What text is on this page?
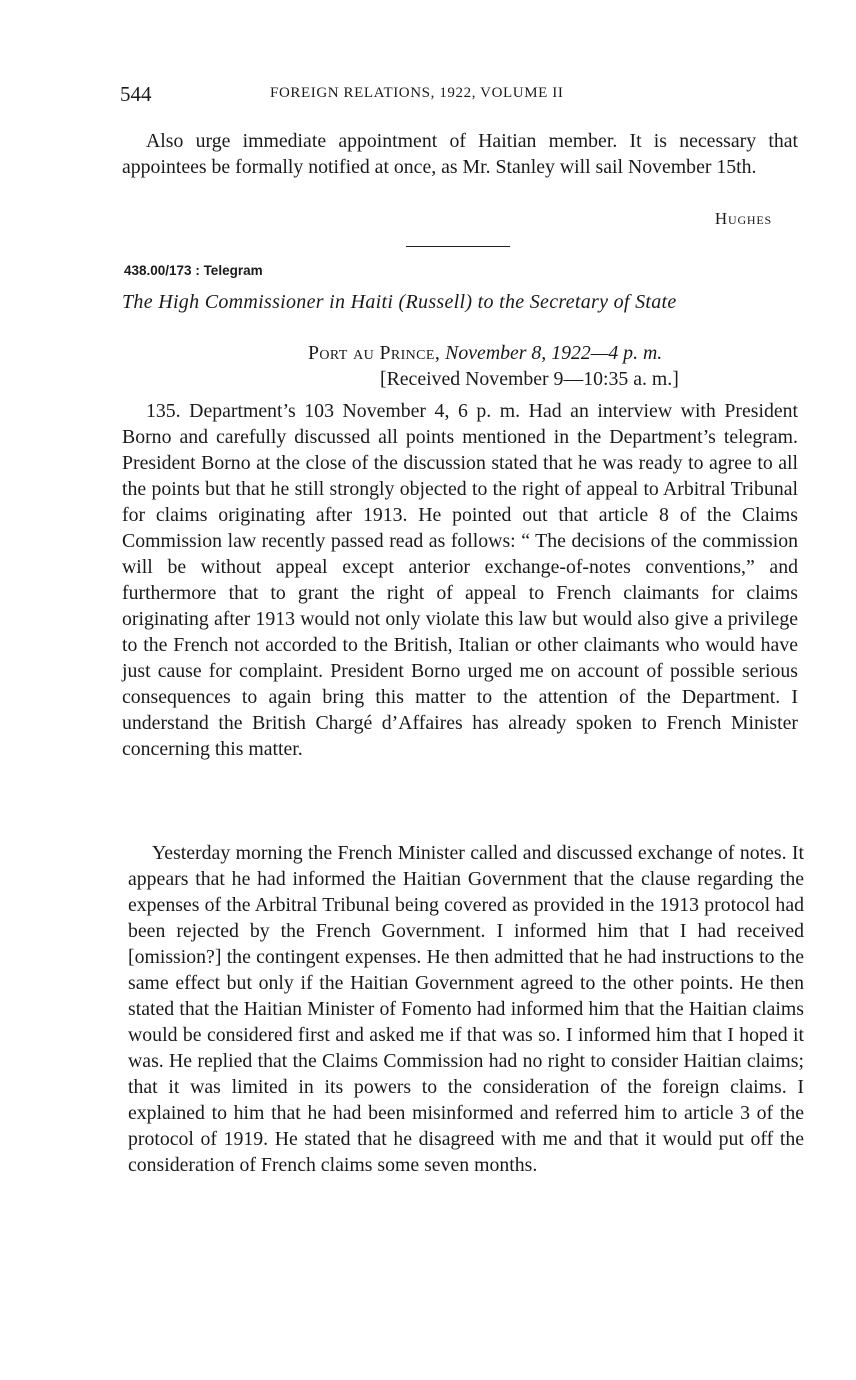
544	FOREIGN RELATIONS, 1922, VOLUME II

Also urge immediate appointment of Haitian member. It is necessary that appointees be formally notified at once, as Mr. Stanley will sail November 15th.

Hughes
438.00/173 : Telegram
The High Commissioner in Haiti (Russell) to the Secretary of State
Port au Prince, November 8, 1922—4 p. m.
[Received November 9—10:35 a. m.]

135. Department’s 103 November 4, 6 p. m. Had an interview with President Borno and carefully discussed all points mentioned in the Department’s telegram. President Borno at the close of the discussion stated that he was ready to agree to all the points but that he still strongly objected to the right of appeal to Arbitral Tribunal for claims originating after 1913. He pointed out that article 8 of the Claims Commission law recently passed read as follows: “ The decisions of the commission will be without appeal except anterior exchange-of-notes conventions,” and furthermore that to grant the right of appeal to French claimants for claims originating after 1913 would not only violate this law but would also give a privilege to the French not accorded to the British, Italian or other claimants who would have just cause for complaint. President Borno urged me on account of possible serious consequences to again bring this matter to the attention of the Department. I understand the British Chargé d’Affaires has already spoken to French Minister concerning this matter.

Yesterday morning the French Minister called and discussed exchange of notes. It appears that he had informed the Haitian Government that the clause regarding the expenses of the Arbitral Tribunal being covered as provided in the 1913 protocol had been rejected by the French Government. I informed him that I had received [omission?] the contingent expenses. He then admitted that he had instructions to the same effect but only if the Haitian Government agreed to the other points. He then stated that the Haitian Minister of Fomento had informed him that the Haitian claims would be considered first and asked me if that was so. I informed him that I hoped it was. He replied that the Claims Commission had no right to consider Haitian claims; that it was limited in its powers to the consideration of the foreign claims. I explained to him that he had been misinformed and referred him to article 3 of the protocol of 1919. He stated that he disagreed with me and that it would put off the consideration of French claims some seven months.
